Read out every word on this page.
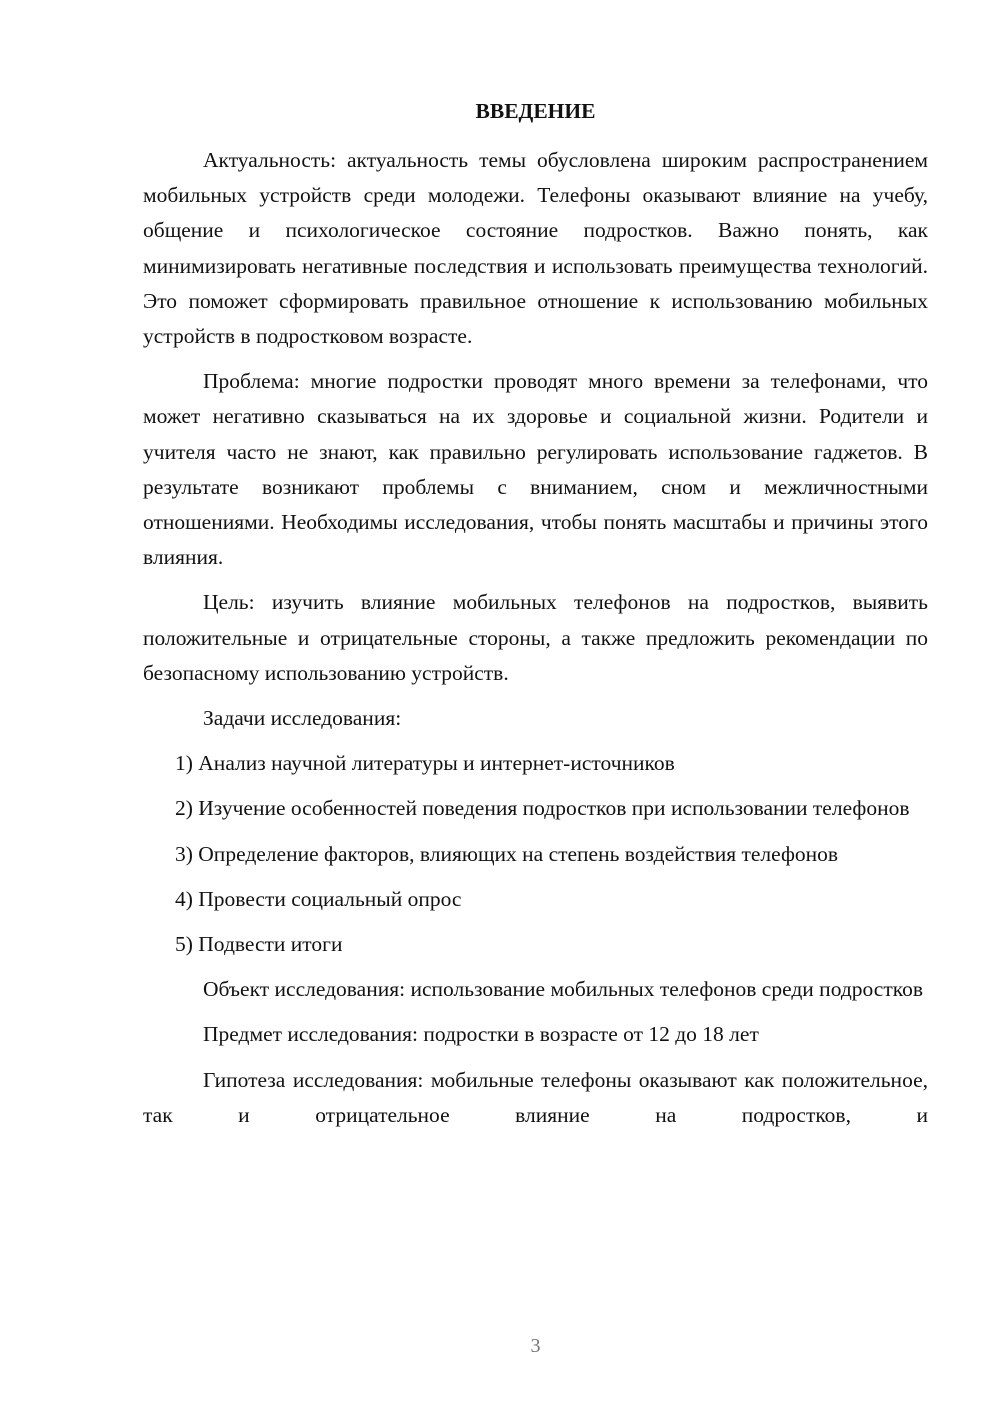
ВВЕДЕНИЕ

Актуальность: актуальность темы обусловлена широким распространением мобильных устройств среди молодежи. Телефоны оказывают влияние на учебу, общение и психологическое состояние подростков. Важно понять, как минимизировать негативные последствия и использовать преимущества технологий. Это поможет сформировать правильное отношение к использованию мобильных устройств в подростковом возрасте.

Проблема: многие подростки проводят много времени за телефонами, что может негативно сказываться на их здоровье и социальной жизни. Родители и учителя часто не знают, как правильно регулировать использование гаджетов. В результате возникают проблемы с вниманием, сном и межличностными отношениями. Необходимы исследования, чтобы понять масштабы и причины этого влияния.

Цель: изучить влияние мобильных телефонов на подростков, выявить положительные и отрицательные стороны, а также предложить рекомендации по безопасному использованию устройств.

Задачи исследования:

1) Анализ научной литературы и интернет-источников

2) Изучение особенностей поведения подростков при использовании телефонов

3) Определение факторов, влияющих на степень воздействия телефонов

4) Провести социальный опрос

5) Подвести итоги

Объект исследования: использование мобильных телефонов среди подростков

Предмет исследования: подростки в возрасте от 12 до 18 лет

Гипотеза исследования: мобильные телефоны оказывают как положительное, так и отрицательное влияние на подростков, и

3
